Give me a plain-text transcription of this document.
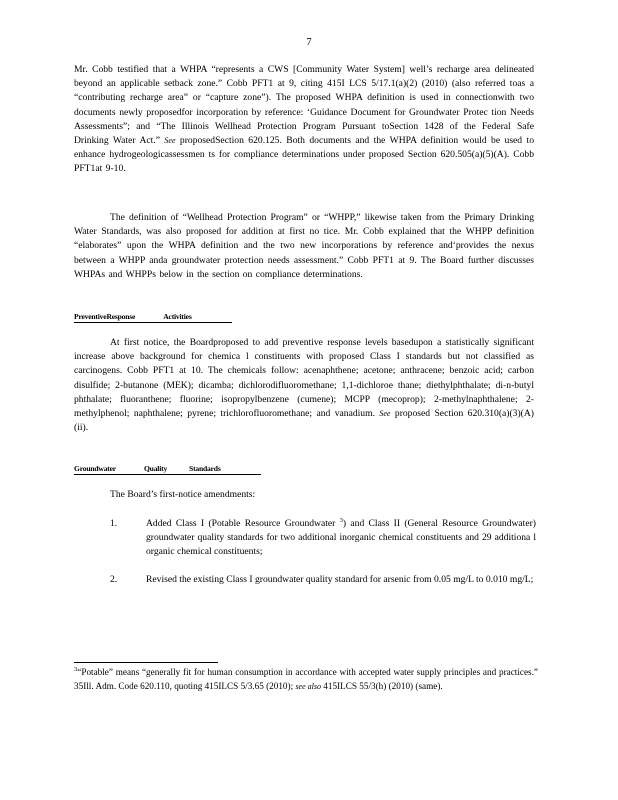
7

Mr. Cobb testified that a WHPA “represents a CWS [Community Water System] well’s recharge area delineated beyond an applicable setback zone.” Cobb PFT1 at 9, citing 415I LCS 5/17.1(a)(2) (2010) (also referred toas a “contributing recharge area” or “capture zone”). The proposed WHPA definition is used in connectionwith two documents newly proposedfor incorporation by reference: ‘Guidance Document for Groundwater Protec tion Needs Assessments”; and “The Illinois Wellhead Protection Program Pursuant toSection 1428 of the Federal Safe Drinking Water Act.” See proposedSection 620.125. Both documents and the WHPA definition would be used to enhance hydrogeologicassessmen ts for compliance determinations under proposed Section 620.505(a)(5)(A). Cobb PFT1at 9-10.

The definition of “Wellhead Protection Program” or “WHPP,” likewise taken from the Primary Drinking Water Standards, was also proposed for addition at first no tice. Mr. Cobb explained that the WHPP definition “elaborates” upon the WHPA definition and the two new incorporations by reference and‘provides the nexus between a WHPP anda groundwater protection needs assessment.” Cobb PFT1 at 9. The Board further discusses WHPAs and WHPPs below in the section on compliance determinations.

PreventiveResponse	Activities

At first notice, the Boardproposed to add preventive response levels basedupon a statistically significant increase above background for chemica l constituents with proposed Class I standards but not classified as carcinogens. Cobb PFT1 at 10. The chemicals follow: acenaphthene; acetone; anthracene; benzoic acid; carbon disulfide; 2-butanone (MEK); dicamba; dichlorodifluoromethane; 1,1-dichloroe thane; diethylphthalate; di-n-butyl phthalate; fluoranthene; fluorine; isopropylbenzene (cumene); MCPP (mecoprop); 2-methylnaphthalene; 2-methylphenol; naphthalene; pyrene; trichlorofluoromethane; and vanadium. See proposed Section 620.310(a)(3)(A)(ii).

Groundwater	Quality	Standards
The Board’s first-notice amendments:
1.	Added Class I (Potable Resource Groundwater $^3$) and Class II (General Resource Groundwater) groundwater quality standards for two additional inorganic chemical constituents and 29 additiona l organic chemical constituents;
2.	Revised the existing Class I groundwater quality standard for arsenic from 0.05 mg/L to 0.010 mg/L;
$^3$“Potable” means “generally fit for human consumption in accordance with accepted water supply principles and practices.” 35Ill. Adm. Code 620.110, quoting 415ILCS 5/3.65 (2010); see also 415ILCS 55/3(h) (2010) (same).
